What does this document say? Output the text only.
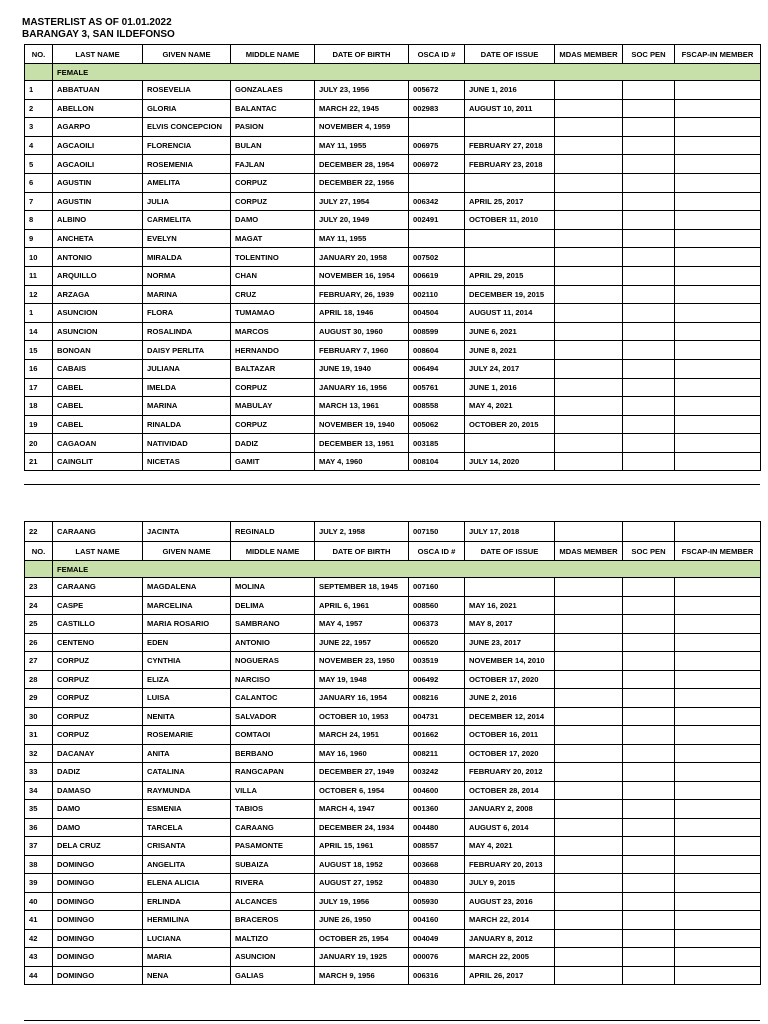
MASTERLIST AS OF 01.01.2022
BARANGAY 3, SAN ILDEFONSO
NO.	LAST NAME	GIVEN NAME	MIDDLE NAME	DATE OF BIRTH	OSCA ID #	DATE OF ISSUE	MDAS MEMBER	SOC PEN	FSCAP-IN MEMBER
	FEMALE								
1	ABBATUAN	ROSEVELIA	GONZALAES	JULY 23, 1956	005672	JUNE 1, 2016			
2	ABELLON	GLORIA	BALANTAC	MARCH 22, 1945	002983	AUGUST 10, 2011			
3	AGARPO	ELVIS CONCEPCION	PASION	NOVEMBER 4, 1959					
4	AGCAOILI	FLORENCIA	BULAN	MAY 11, 1955	006975	FEBRUARY 27, 2018			
5	AGCAOILI	ROSEMENIA	FAJLAN	DECEMBER 28, 1954	006972	FEBRUARY 23, 2018			
6	AGUSTIN	AMELITA	CORPUZ	DECEMBER 22, 1956					
7	AGUSTIN	JULIA	CORPUZ	JULY 27, 1954	006342	APRIL 25, 2017			
8	ALBINO	CARMELITA	DAMO	JULY 20, 1949	002491	OCTOBER 11, 2010			
9	ANCHETA	EVELYN	MAGAT	MAY 11, 1955					
10	ANTONIO	MIRALDA	TOLENTINO	JANUARY 20, 1958	007502				
11	ARQUILLO	NORMA	CHAN	NOVEMBER 16, 1954	006619	APRIL 29, 2015			
12	ARZAGA	MARINA	CRUZ	FEBRUARY, 26, 1939	002110	DECEMBER 19, 2015			
1	ASUNCION	FLORA	TUMAMAO	APRIL 18, 1946	004504	AUGUST 11, 2014			
14	ASUNCION	ROSALINDA	MARCOS	AUGUST 30, 1960	008599	JUNE 6, 2021			
15	BONOAN	DAISY PERLITA	HERNANDO	FEBRUARY 7, 1960	008604	JUNE 8, 2021			
16	CABAIS	JULIANA	BALTAZAR	JUNE 19, 1940	006494	JULY 24, 2017			
17	CABEL	IMELDA	CORPUZ	JANUARY 16, 1956	005761	JUNE 1, 2016			
18	CABEL	MARINA	MABULAY	MARCH 13, 1961	008558	MAY 4, 2021			
19	CABEL	RINALDA	CORPUZ	NOVEMBER 19, 1940	005062	OCTOBER 20, 2015			
20	CAGAOAN	NATIVIDAD	DADIZ	DECEMBER 13, 1951	003185				
21	CAINGLIT	NICETAS	GAMIT	MAY 4, 1960	008104	JULY 14, 2020			
22	CARAANG	JACINTA	REGINALD	JULY 2, 1958	007150	JULY 17, 2018			
NO.	LAST NAME	GIVEN NAME	MIDDLE NAME	DATE OF BIRTH	OSCA ID #	DATE OF ISSUE	MDAS MEMBER	SOC PEN	FSCAP-IN MEMBER
	FEMALE								
23	CARAANG	MAGDALENA	MOLINA	SEPTEMBER 18, 1945	007160				
24	CASPE	MARCELINA	DELIMA	APRIL 6, 1961	008560	MAY 16, 2021			
25	CASTILLO	MARIA ROSARIO	SAMBRANO	MAY 4, 1957	006373	MAY 8, 2017			
26	CENTENO	EDEN	ANTONIO	JUNE 22, 1957	006520	JUNE 23, 2017			
27	CORPUZ	CYNTHIA	NOGUERAS	NOVEMBER 23, 1950	003519	NOVEMBER 14, 2010			
28	CORPUZ	ELIZA	NARCISO	MAY 19, 1948	006492	OCTOBER 17, 2020			
29	CORPUZ	LUISA	CALANTOC	JANUARY 16, 1954	008216	JUNE 2, 2016			
30	CORPUZ	NENITA	SALVADOR	OCTOBER 10, 1953	004731	DECEMBER 12, 2014			
31	CORPUZ	ROSEMARIE	COMTAOI	MARCH 24, 1951	001662	OCTOBER 16, 2011			
32	DACANAY	ANITA	BERBANO	MAY 16, 1960	008211	OCTOBER 17, 2020			
33	DADIZ	CATALINA	RANGCAPAN	DECEMBER 27, 1949	003242	FEBRUARY 20, 2012			
34	DAMASO	RAYMUNDA	VILLA	OCTOBER 6, 1954	004600	OCTOBER 28, 2014			
35	DAMO	ESMENIA	TABIOS	MARCH 4, 1947	001360	JANUARY 2, 2008			
36	DAMO	TARCELA	CARAANG	DECEMBER 24, 1934	004480	AUGUST 6, 2014			
37	DELA CRUZ	CRISANTA	PASAMONTE	APRIL 15, 1961	008557	MAY 4, 2021			
38	DOMINGO	ANGELITA	SUBAIZA	AUGUST 18, 1952	003668	FEBRUARY 20, 2013			
39	DOMINGO	ELENA ALICIA	RIVERA	AUGUST 27, 1952	004830	JULY 9, 2015			
40	DOMINGO	ERLINDA	ALCANCES	JULY 19, 1956	005930	AUGUST 23, 2016			
41	DOMINGO	HERMILINA	BRACEROS	JUNE 26, 1950	004160	MARCH 22, 2014			
42	DOMINGO	LUCIANA	MALTIZO	OCTOBER 25, 1954	004049	JANUARY 8, 2012			
43	DOMINGO	MARIA	ASUNCION	JANUARY 19, 1925	000076	MARCH 22, 2005			
44	DOMINGO	NENA	GALIAS	MARCH 9, 1956	006316	APRIL 26, 2017			
